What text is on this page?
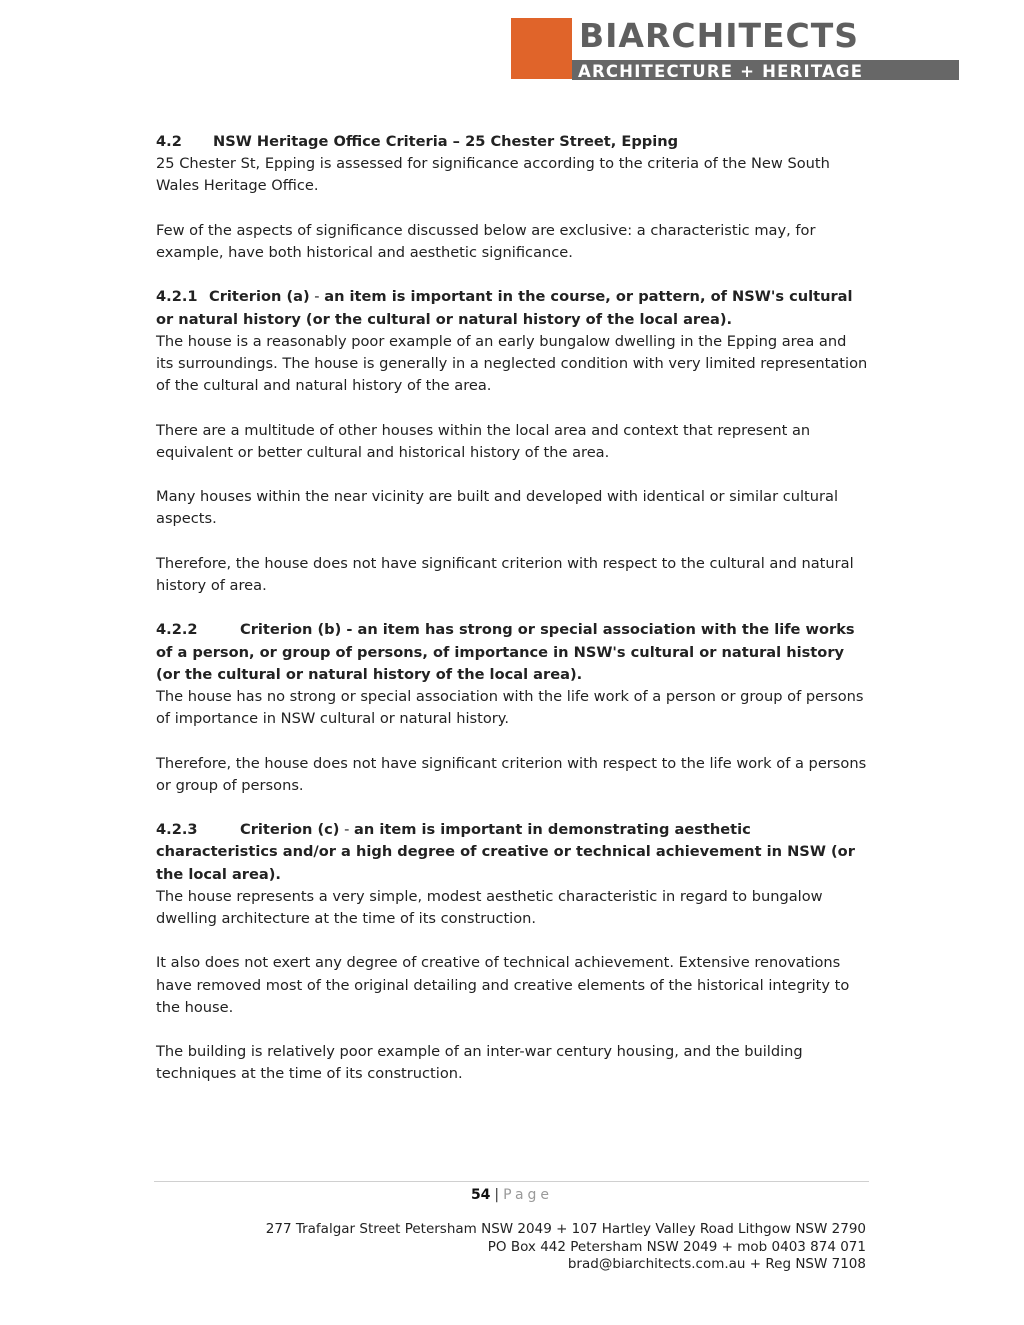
BIARCHITECTS
ARCHITECTURE + HERITAGE

4.2 NSW Heritage Office Criteria – 25 Chester Street, Epping

25 Chester St, Epping is assessed for significance according to the criteria of the New South Wales Heritage Office.

Few of the aspects of significance discussed below are exclusive: a characteristic may, for example, have both historical and aesthetic significance.

4.2.1 Criterion (a) - an item is important in the course, or pattern, of NSW's cultural or natural history (or the cultural or natural history of the local area).

The house is a reasonably poor example of an early bungalow dwelling in the Epping area and its surroundings. The house is generally in a neglected condition with very limited representation of the cultural and natural history of the area.

There are a multitude of other houses within the local area and context that represent an equivalent or better cultural and historical history of the area.

Many houses within the near vicinity are built and developed with identical or similar cultural aspects.

Therefore, the house does not have significant criterion with respect to the cultural and natural history of area.

4.2.2	Criterion (b) - an item has strong or special association with the life works of a person, or group of persons, of importance in NSW's cultural or natural history (or the cultural or natural history of the local area).

The house has no strong or special association with the life work of a person or group of persons of importance in NSW cultural or natural history.

Therefore, the house does not have significant criterion with respect to the life work of a persons or group of persons.

4.2.3	Criterion (c) - an item is important in demonstrating aesthetic characteristics and/or a high degree of creative or technical achievement in NSW (or the local area).

The house represents a very simple, modest aesthetic characteristic in regard to bungalow dwelling architecture at the time of its construction.

It also does not exert any degree of creative of technical achievement. Extensive renovations have removed most of the original detailing and creative elements of the historical integrity to the house.

The building is relatively poor example of an inter-war century housing, and the building techniques at the time of its construction.

54 | Page
277 Trafalgar Street Petersham NSW 2049 + 107 Hartley Valley Road Lithgow NSW 2790
PO Box 442 Petersham NSW 2049 + mob 0403 874 071
brad@biarchitects.com.au + Reg NSW 7108
